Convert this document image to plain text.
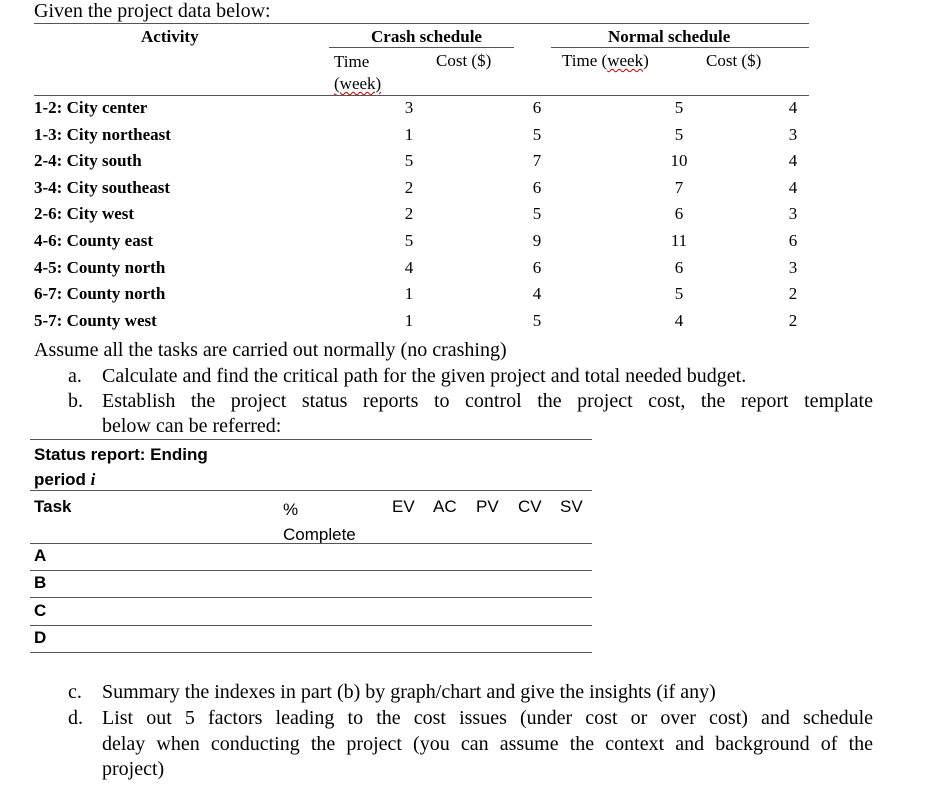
Given the project data below:
Activity	Crash schedule	Normal schedule
Time
(week)
Cost ($)	Time (week)	Cost ($)
1-2: City center	3	6	5	4
1-3: City northeast	1	5	5	3
2-4: City south	5	7	10	4
3-4: City southeast	2	6	7	4
2-6: City west	2	5	6	3
4-6: County east	5	9	11	6
4-5: County north	4	6	6	3
6-7: County north	1	4	5	2
5-7: County west	1	5	4	2
Assume all the tasks are carried out normally (no crashing)
a. Calculate and find the critical path for the given project and total needed budget.
b. Establish the project status reports to control the project cost, the report template
below can be referred:
Status report: Ending
period i
Task	%
Complete
EV AC PV CV SV
A
B
C
D
c. Summary the indexes in part (b) by graph/chart and give the insights (if any)
d. List out 5 factors leading to the cost issues (under cost or over cost) and schedule
delay when conducting the project (you can assume the context and background of the
project)
